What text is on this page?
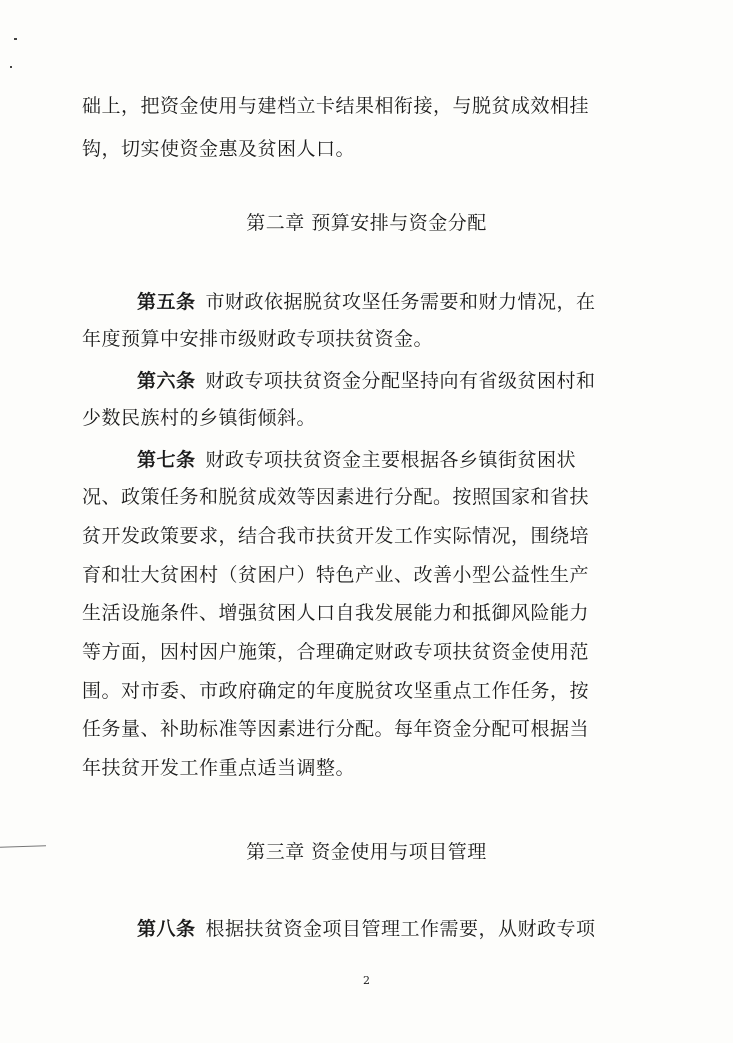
础上，把资金使用与建档立卡结果相衔接，与脱贫成效相挂
钩，切实使资金惠及贫困人口。
第二章 预算安排与资金分配
第五条 市财政依据脱贫攻坚任务需要和财力情况，在
年度预算中安排市级财政专项扶贫资金。
第六条 财政专项扶贫资金分配坚持向有省级贫困村和
少数民族村的乡镇街倾斜。
第七条 财政专项扶贫资金主要根据各乡镇街贫困状
况、政策任务和脱贫成效等因素进行分配。按照国家和省扶
贫开发政策要求，结合我市扶贫开发工作实际情况，围绕培
育和壮大贫困村（贫困户）特色产业、改善小型公益性生产
生活设施条件、增强贫困人口自我发展能力和抵御风险能力
等方面，因村因户施策，合理确定财政专项扶贫资金使用范
围。对市委、市政府确定的年度脱贫攻坚重点工作任务，按
任务量、补助标准等因素进行分配。每年资金分配可根据当
年扶贫开发工作重点适当调整。
第三章 资金使用与项目管理
第八条 根据扶贫资金项目管理工作需要，从财政专项
2
